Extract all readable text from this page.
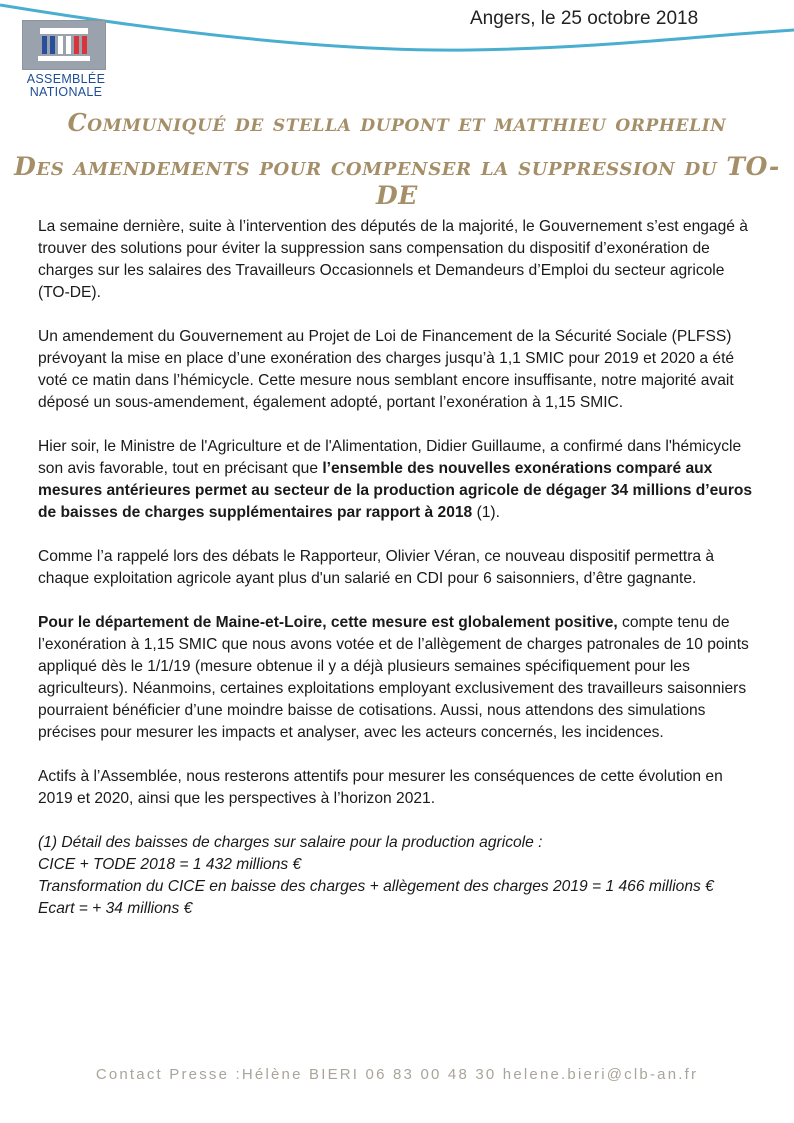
ASSEMBLÉE
NATIONALE
Angers, le 25 octobre 2018
Communiqué de stella dupont et matthieu orphelin
Des amendements pour compenser la suppression du TO-DE

La semaine dernière, suite à l’intervention des députés de la majorité, le Gouvernement s’est engagé à trouver des solutions pour éviter la suppression sans compensation du dispositif d’exonération de charges sur les salaires des Travailleurs Occasionnels et Demandeurs d’Emploi du secteur agricole (TO-DE).

Un amendement du Gouvernement au Projet de Loi de Financement de la Sécurité Sociale (PLFSS) prévoyant la mise en place d’une exonération des charges jusqu’à 1,1 SMIC pour 2019 et 2020 a été voté ce matin dans l’hémicycle. Cette mesure nous semblant encore insuffisante, notre majorité avait déposé un sous-amendement, également adopté, portant l’exonération à 1,15 SMIC.

Hier soir, le Ministre de l'Agriculture et de l'Alimentation, Didier Guillaume, a confirmé dans l'hémicycle son avis favorable, tout en précisant que l’ensemble des nouvelles exonérations comparé aux mesures antérieures permet au secteur de la production agricole de dégager 34 millions d’euros de baisses de charges supplémentaires par rapport à 2018 (1).

Comme l’a rappelé lors des débats le Rapporteur, Olivier Véran, ce nouveau dispositif permettra à chaque exploitation agricole ayant plus d'un salarié en CDI pour 6 saisonniers, d’être gagnante.

Pour le département de Maine-et-Loire, cette mesure est globalement positive, compte tenu de l’exonération à 1,15 SMIC que nous avons votée et de l’allègement de charges patronales de 10 points appliqué dès le 1/1/19 (mesure obtenue il y a déjà plusieurs semaines spécifiquement pour les agriculteurs). Néanmoins, certaines exploitations employant exclusivement des travailleurs saisonniers pourraient bénéficier d’une moindre baisse de cotisations. Aussi, nous attendons des simulations précises pour mesurer les impacts et analyser, avec les acteurs concernés, les incidences.

Actifs à l’Assemblée, nous resterons attentifs pour mesurer les conséquences de cette évolution en 2019 et 2020, ainsi que les perspectives à l’horizon 2021.

(1) Détail des baisses de charges sur salaire pour la production agricole :

CICE + TODE 2018 = 1 432 millions €

Transformation du CICE en baisse des charges + allègement des charges 2019 = 1 466 millions €

Ecart = + 34 millions €

Contact Presse :Hélène BIERI 06 83 00 48 30 helene.bieri@clb-an.fr
